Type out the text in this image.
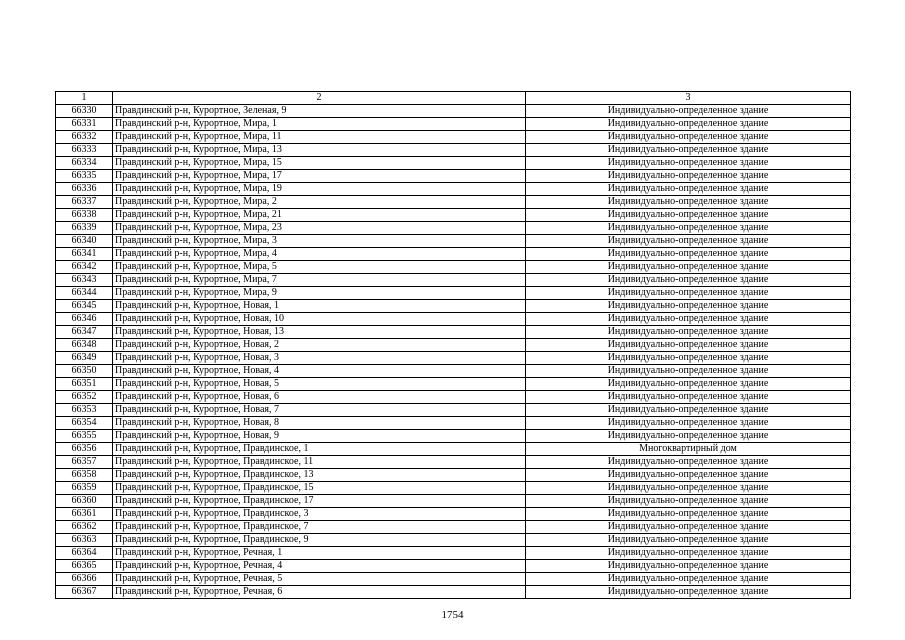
1	2	3
66330	Правдинский р-н, Курортное, Зеленая, 9	Индивидуально-определенное здание
66331	Правдинский р-н, Курортное, Мира, 1	Индивидуально-определенное здание
66332	Правдинский р-н, Курортное, Мира, 11	Индивидуально-определенное здание
66333	Правдинский р-н, Курортное, Мира, 13	Индивидуально-определенное здание
66334	Правдинский р-н, Курортное, Мира, 15	Индивидуально-определенное здание
66335	Правдинский р-н, Курортное, Мира, 17	Индивидуально-определенное здание
66336	Правдинский р-н, Курортное, Мира, 19	Индивидуально-определенное здание
66337	Правдинский р-н, Курортное, Мира, 2	Индивидуально-определенное здание
66338	Правдинский р-н, Курортное, Мира, 21	Индивидуально-определенное здание
66339	Правдинский р-н, Курортное, Мира, 23	Индивидуально-определенное здание
66340	Правдинский р-н, Курортное, Мира, 3	Индивидуально-определенное здание
66341	Правдинский р-н, Курортное, Мира, 4	Индивидуально-определенное здание
66342	Правдинский р-н, Курортное, Мира, 5	Индивидуально-определенное здание
66343	Правдинский р-н, Курортное, Мира, 7	Индивидуально-определенное здание
66344	Правдинский р-н, Курортное, Мира, 9	Индивидуально-определенное здание
66345	Правдинский р-н, Курортное, Новая, 1	Индивидуально-определенное здание
66346	Правдинский р-н, Курортное, Новая, 10	Индивидуально-определенное здание
66347	Правдинский р-н, Курортное, Новая, 13	Индивидуально-определенное здание
66348	Правдинский р-н, Курортное, Новая, 2	Индивидуально-определенное здание
66349	Правдинский р-н, Курортное, Новая, 3	Индивидуально-определенное здание
66350	Правдинский р-н, Курортное, Новая, 4	Индивидуально-определенное здание
66351	Правдинский р-н, Курортное, Новая, 5	Индивидуально-определенное здание
66352	Правдинский р-н, Курортное, Новая, 6	Индивидуально-определенное здание
66353	Правдинский р-н, Курортное, Новая, 7	Индивидуально-определенное здание
66354	Правдинский р-н, Курортное, Новая, 8	Индивидуально-определенное здание
66355	Правдинский р-н, Курортное, Новая, 9	Индивидуально-определенное здание
66356	Правдинский р-н, Курортное, Правдинское, 1	Многоквартирный дом
66357	Правдинский р-н, Курортное, Правдинское, 11	Индивидуально-определенное здание
66358	Правдинский р-н, Курортное, Правдинское, 13	Индивидуально-определенное здание
66359	Правдинский р-н, Курортное, Правдинское, 15	Индивидуально-определенное здание
66360	Правдинский р-н, Курортное, Правдинское, 17	Индивидуально-определенное здание
66361	Правдинский р-н, Курортное, Правдинское, 3	Индивидуально-определенное здание
66362	Правдинский р-н, Курортное, Правдинское, 7	Индивидуально-определенное здание
66363	Правдинский р-н, Курортное, Правдинское, 9	Индивидуально-определенное здание
66364	Правдинский р-н, Курортное, Речная, 1	Индивидуально-определенное здание
66365	Правдинский р-н, Курортное, Речная, 4	Индивидуально-определенное здание
66366	Правдинский р-н, Курортное, Речная, 5	Индивидуально-определенное здание
66367	Правдинский р-н, Курортное, Речная, 6	Индивидуально-определенное здание
1754
